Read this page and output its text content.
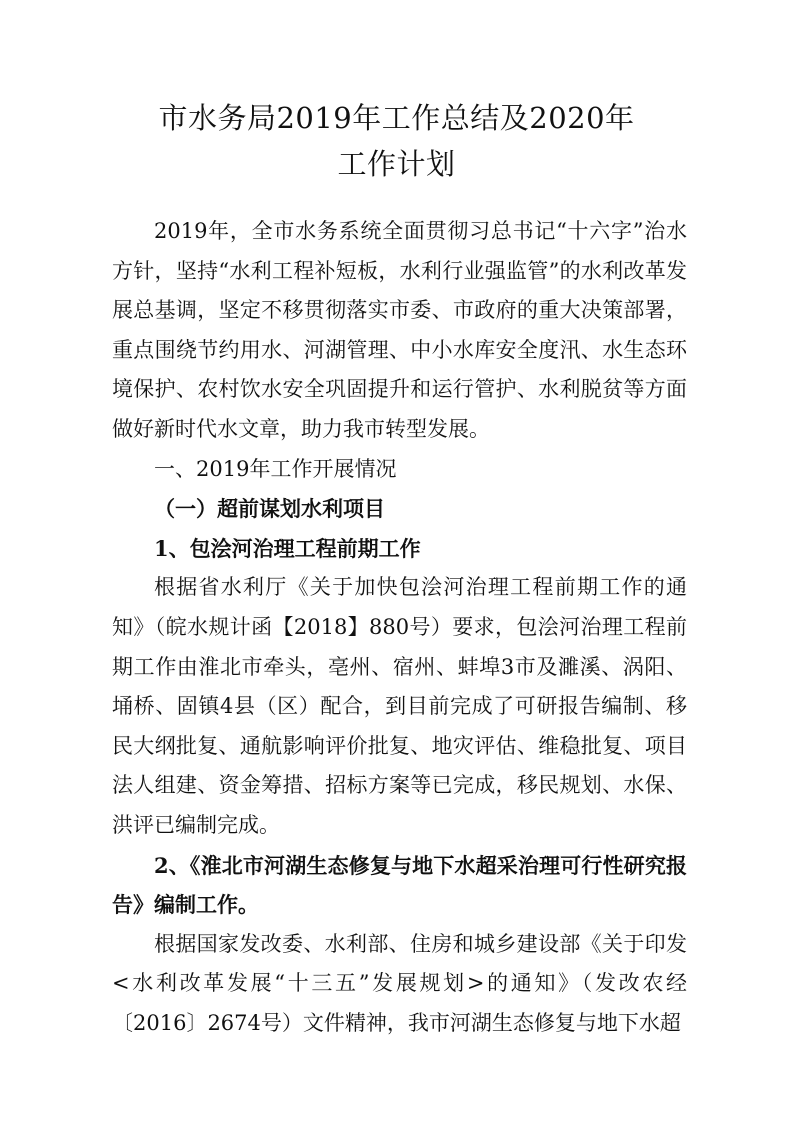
市水务局2019年工作总结及2020年
工作计划

2019年，全市水务系统全面贯彻习总书记“十六字”治水方针，坚持“水利工程补短板，水利行业强监管”的水利改革发展总基调，坚定不移贯彻落实市委、市政府的重大决策部署，重点围绕节约用水、河湖管理、中小水库安全度汛、水生态环境保护、农村饮水安全巩固提升和运行管护、水利脱贫等方面做好新时代水文章，助力我市转型发展。

一、2019年工作开展情况

（一）超前谋划水利项目

1、包浍河治理工程前期工作

根据省水利厅《关于加快包浍河治理工程前期工作的通知》（皖水规计函【2018】880号）要求，包浍河治理工程前期工作由淮北市牵头，亳州、宿州、蚌埠3市及濉溪、涡阳、埇桥、固镇4县（区）配合，到目前完成了可研报告编制、移民大纲批复、通航影响评价批复、地灾评估、维稳批复、项目法人组建、资金筹措、招标方案等已完成，移民规划、水保、洪评已编制完成。

2、《淮北市河湖生态修复与地下水超采治理可行性研究报告》编制工作。

根据国家发改委、水利部、住房和城乡建设部《关于印发<水利改革发展“十三五”发展规划>的通知》（发改农经〔2016〕2674号）文件精神，我市河湖生态修复与地下水超
